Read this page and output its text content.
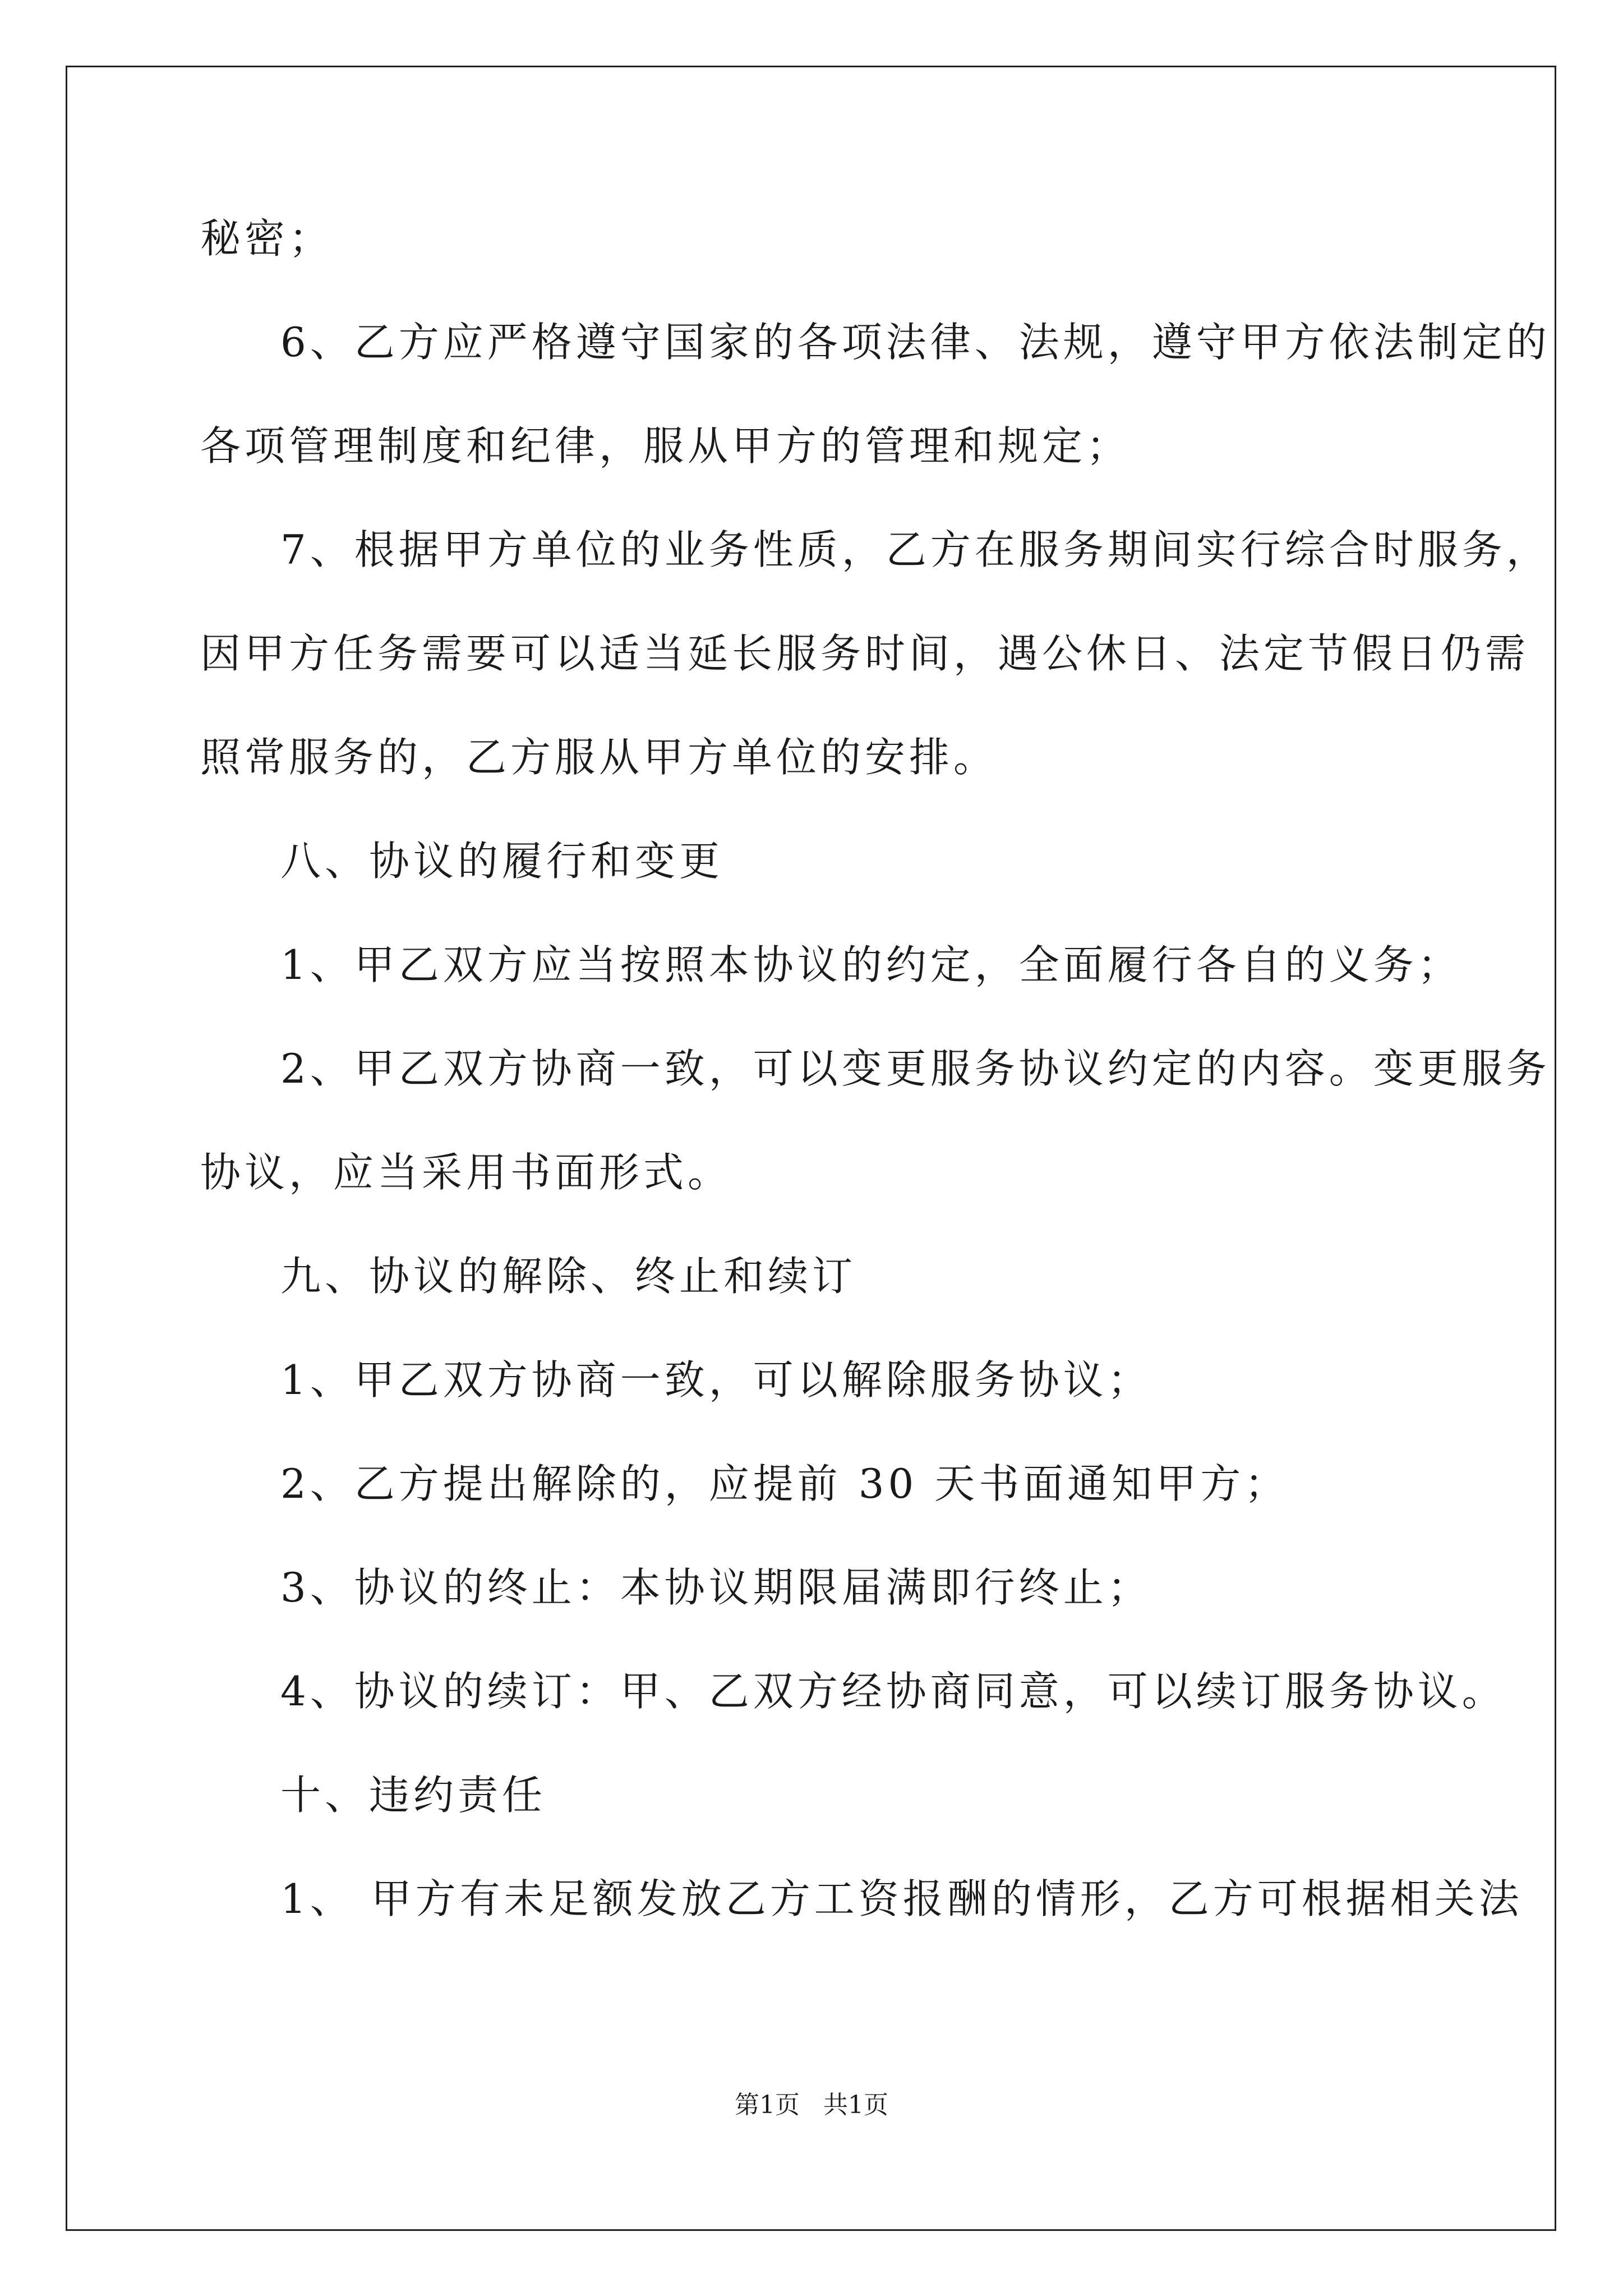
秘密；
6、乙方应严格遵守国家的各项法律、法规，遵守甲方依法制定的
各项管理制度和纪律，服从甲方的管理和规定；
7、根据甲方单位的业务性质，乙方在服务期间实行综合时服务，
因甲方任务需要可以适当延长服务时间，遇公休日、法定节假日仍需
照常服务的，乙方服从甲方单位的安排。
八、协议的履行和变更
1、甲乙双方应当按照本协议的约定，全面履行各自的义务；
2、甲乙双方协商一致，可以变更服务协议约定的内容。变更服务
协议，应当采用书面形式。
九、协议的解除、终止和续订
1、甲乙双方协商一致，可以解除服务协议；
2、乙方提出解除的，应提前 30 天书面通知甲方；
3、协议的终止：本协议期限届满即行终止；
4、协议的续订：甲、乙双方经协商同意，可以续订服务协议。
十、违约责任
1、 甲方有未足额发放乙方工资报酬的情形，乙方可根据相关法
第1页   共1页
